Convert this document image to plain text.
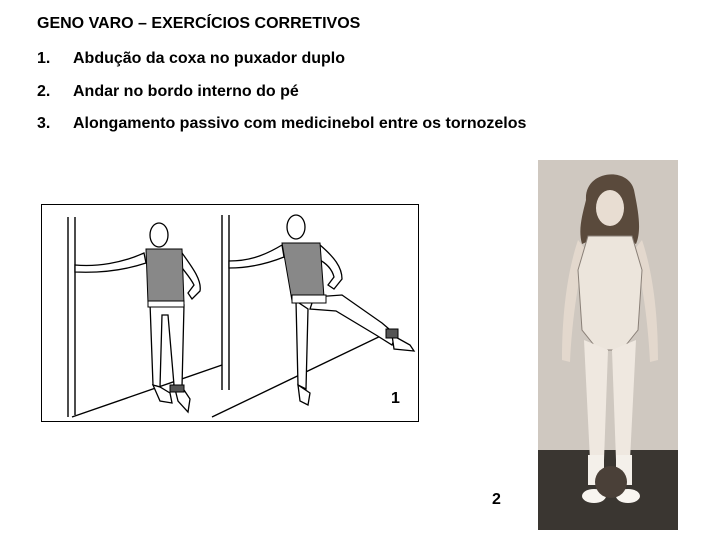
GENO VARO – EXERCÍCIOS CORRETIVOS
1. Abdução da coxa no puxador duplo
2. Andar no bordo interno do pé
3. Alongamento passivo com medicinebol entre os tornozelos
1
2
